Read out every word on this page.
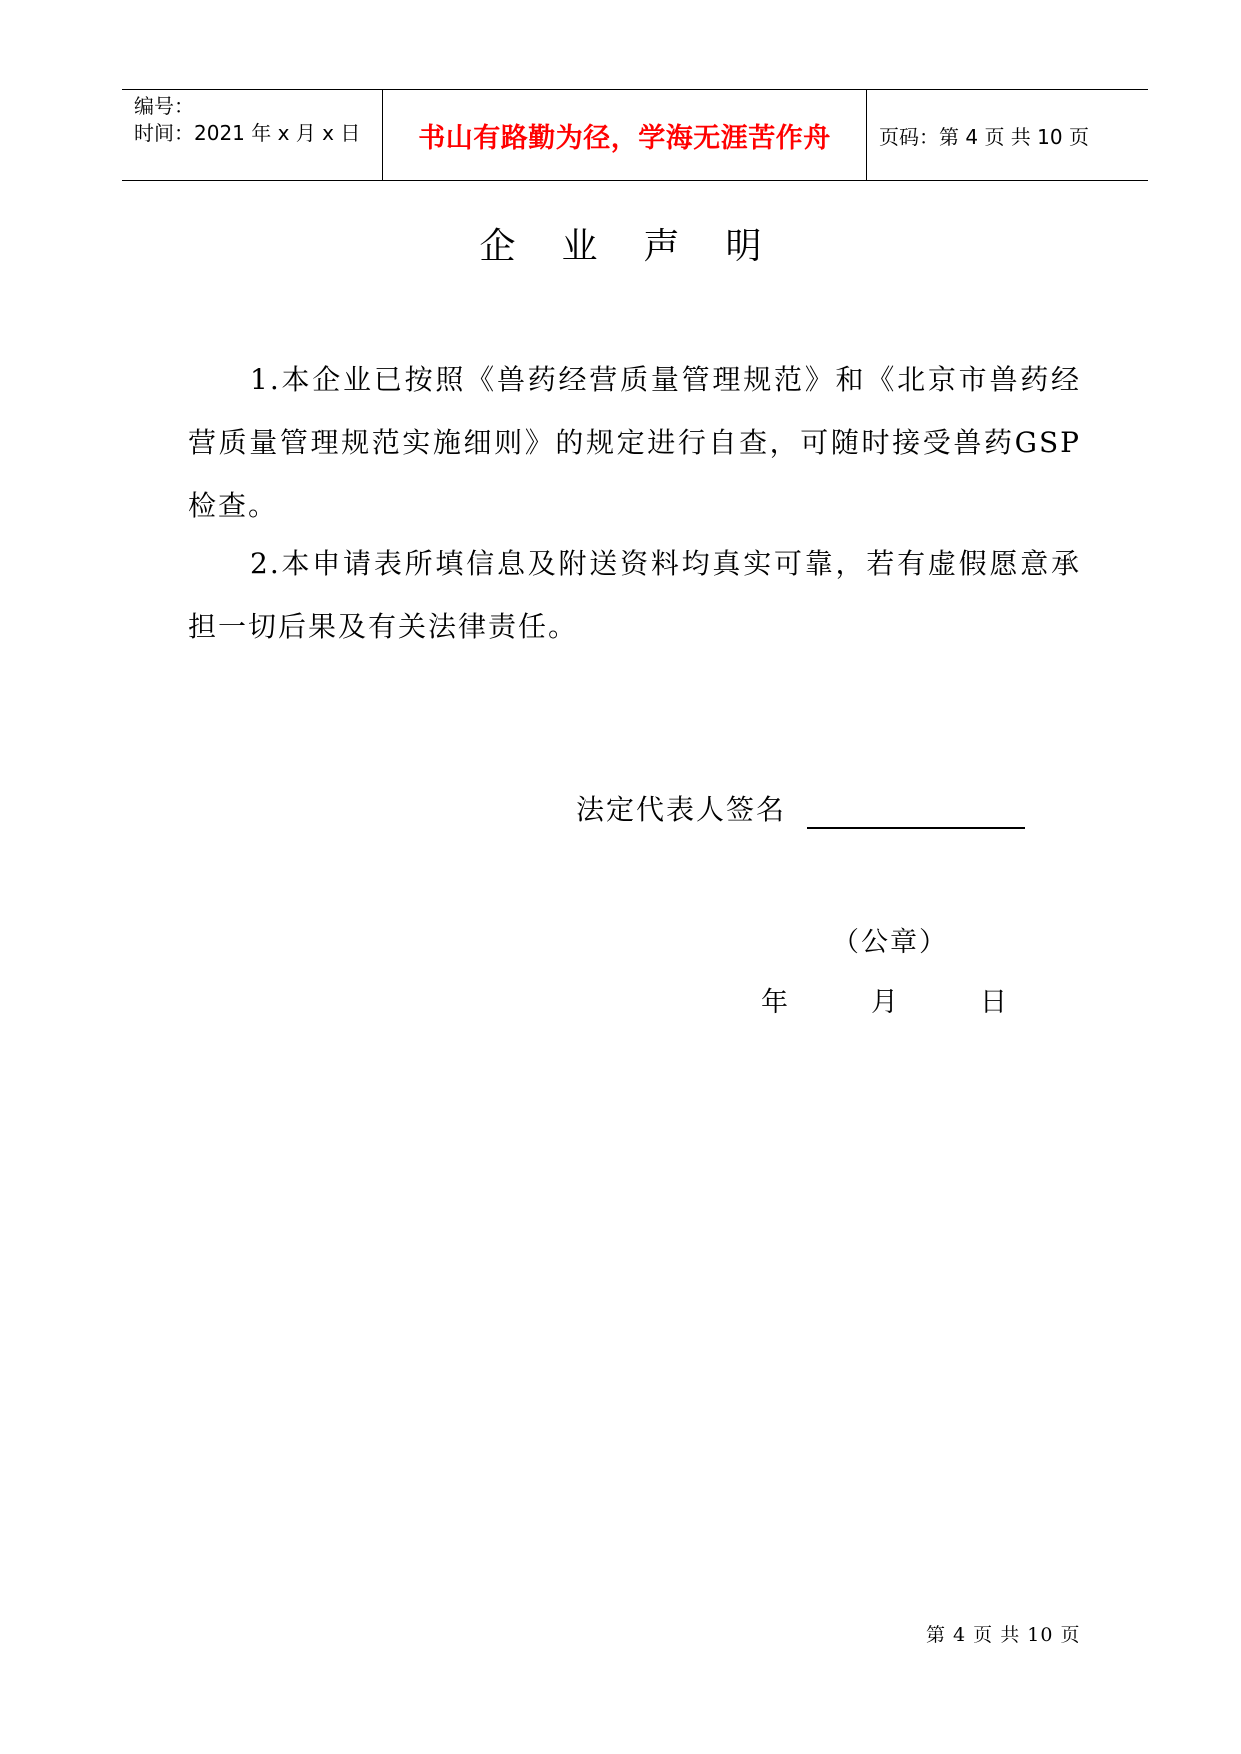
编号：
时间：2021 年 x 月 x 日	书山有路勤为径，学海无涯苦作舟	页码：第 4 页 共 10 页
企业声明
1.本企业已按照《兽药经营质量管理规范》和《北京市兽药经营质量管理规范实施细则》的规定进行自查，可随时接受兽药GSP检查。
2.本申请表所填信息及附送资料均真实可靠，若有虚假愿意承担一切后果及有关法律责任。
法定代表人签名
（公章）
年	月	日
第 4 页 共 10 页
